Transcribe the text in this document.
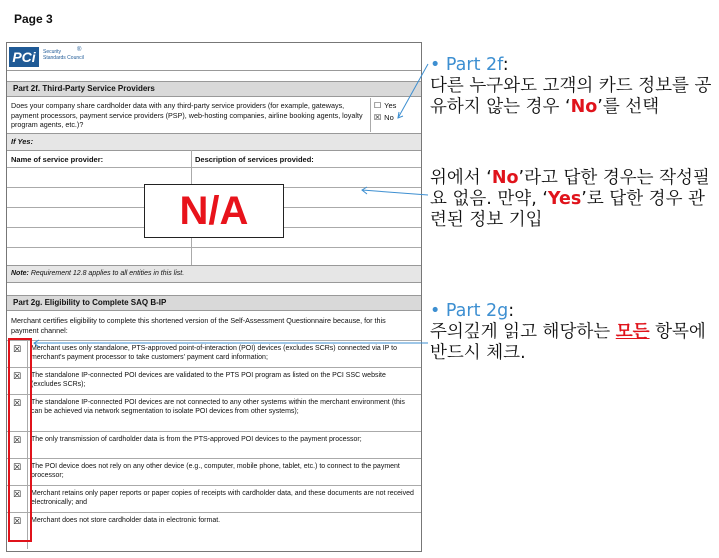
Page 3
PCi	Security
Standards Council
®
Part 2f. Third-Party Service Providers
Does your company share cardholder data with any third-party service providers (for example, gateways, payment processors, payment service providers (PSP), web-hosting companies, airline booking agents, loyalty program agents, etc.)?
☐ Yes
☒ No
If Yes:
Name of service provider:	Description of services provided:
Note: Requirement 12.8 applies to all entities in this list.
Part 2g. Eligibility to Complete SAQ B-IP
Merchant certifies eligibility to complete this shortened version of the Self-Assessment Questionnaire because, for this payment channel:
☒ Merchant uses only standalone, PTS-approved point-of-interaction (POI) devices (excludes SCRs) connected via IP to merchant's payment processor to take customers' payment card information;
☒ The standalone IP-connected POI devices are validated to the PTS POI program as listed on the PCI SSC website (excludes SCRs);
☒ The standalone IP-connected POI devices are not connected to any other systems within the merchant environment (this can be achieved via network segmentation to isolate POI devices from other systems);
☒ The only transmission of cardholder data is from the PTS-approved POI devices to the payment processor;
☒ The POI device does not rely on any other device (e.g., computer, mobile phone, tablet, etc.) to connect to the payment processor;
☒ Merchant retains only paper reports or paper copies of receipts with cardholder data, and these documents are not received electronically; and
☒ Merchant does not store cardholder data in electronic format.
N/A
• Part 2f:
다른 누구와도 고객의 카드 정보를 공유하지 않는 경우 ‘No’를 선택
위에서 ‘No’라고 답한 경우는 작성필요 없음. 만약, ‘Yes’로 답한 경우 관련된 정보 기입
• Part 2g:
주의깊게 읽고 해당하는 모든 항목에 반드시 체크.
